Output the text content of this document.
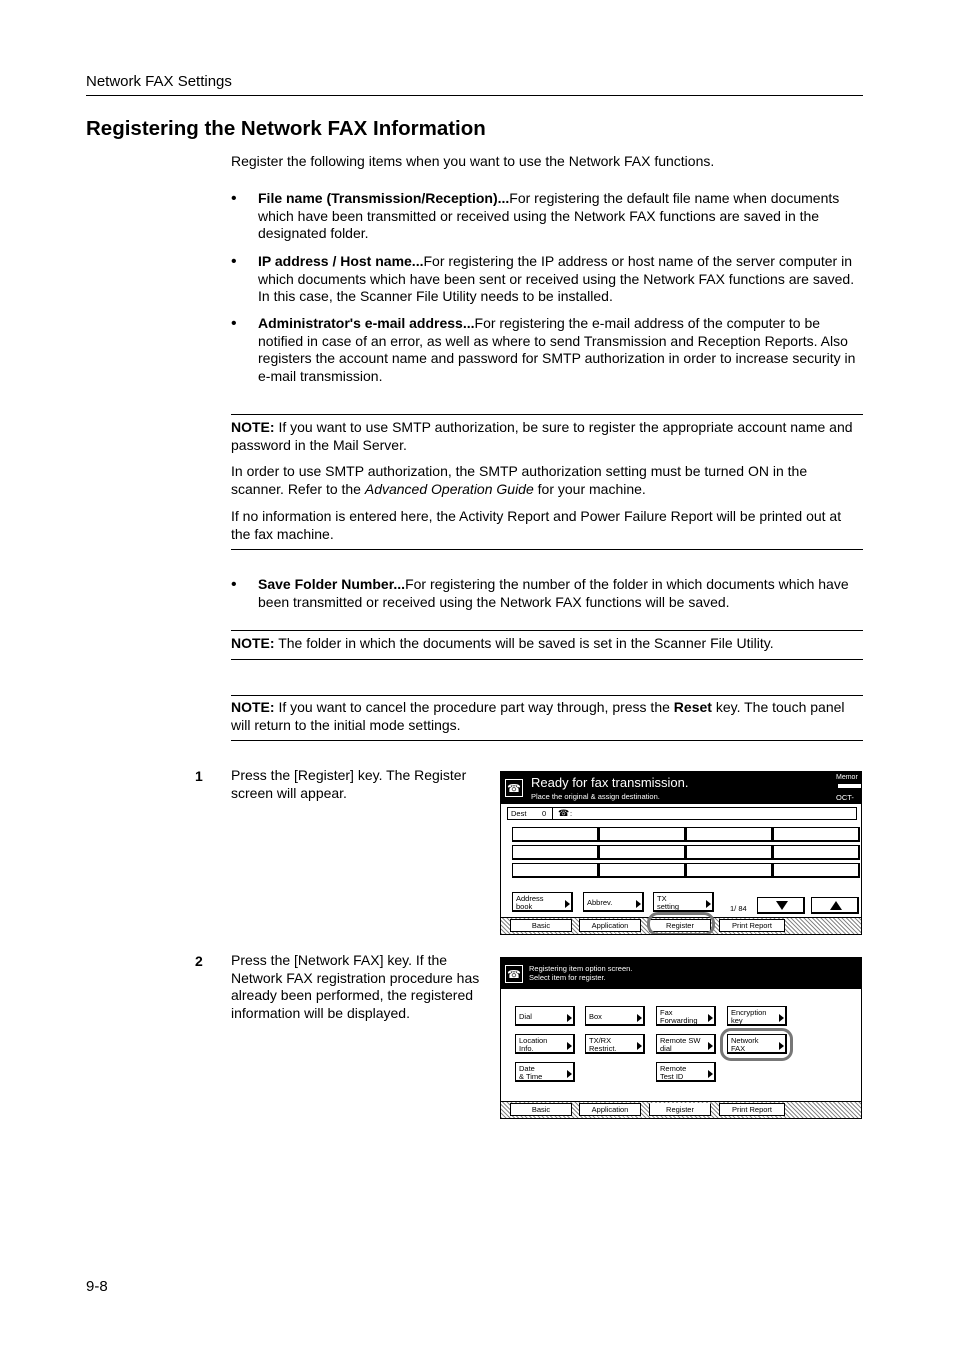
Network FAX Settings
Registering the Network FAX Information
Register the following items when you want to use the Network FAX functions.
• File name (Transmission/Reception)...For registering the default file name when documents which have been transmitted or received using the Network FAX functions are saved in the designated folder.
• IP address / Host name...For registering the IP address or host name of the server computer in which documents which have been sent or received using the Network FAX functions are saved. In this case, the Scanner File Utility needs to be installed.
• Administrator's e-mail address...For registering the e-mail address of the computer to be notified in case of an error, as well as where to send Transmission and Reception Reports. Also registers the account name and password for SMTP authorization in order to increase security in e-mail transmission.
NOTE: If you want to use SMTP authorization, be sure to register the appropriate account name and password in the Mail Server.
In order to use SMTP authorization, the SMTP authorization setting must be turned ON in the scanner. Refer to the Advanced Operation Guide for your machine.
If no information is entered here, the Activity Report and Power Failure Report will be printed out at the fax machine.
• Save Folder Number...For registering the number of the folder in which documents which have been transmitted or received using the Network FAX functions will be saved.
NOTE: The folder in which the documents will be saved is set in the Scanner File Utility.
NOTE: If you want to cancel the procedure part way through, press the Reset key. The touch panel will return to the initial mode settings.
1 Press the [Register] key. The Register screen will appear.	☎ Ready for fax transmission.
Place the original & assign destination.
Memor
OCT-11
Dest 0 ☎ :
Address
book	Abbrev.	TX
setting	1/ 84
Basic	Application	Register	Print Report
2 Press the [Network FAX] key. If the Network FAX registration procedure has already been performed, the registered information will be displayed.
☎ Registering item option screen.
Select item for register.
Dial	Box	Fax
Forwarding
Encryption
key
Location
Info.
TX/RX
Restrict.
Remote SW
dial
Network
FAX
Date
& Time
Remote
Test ID
Basic	Application	Register	Print Report
9-8
